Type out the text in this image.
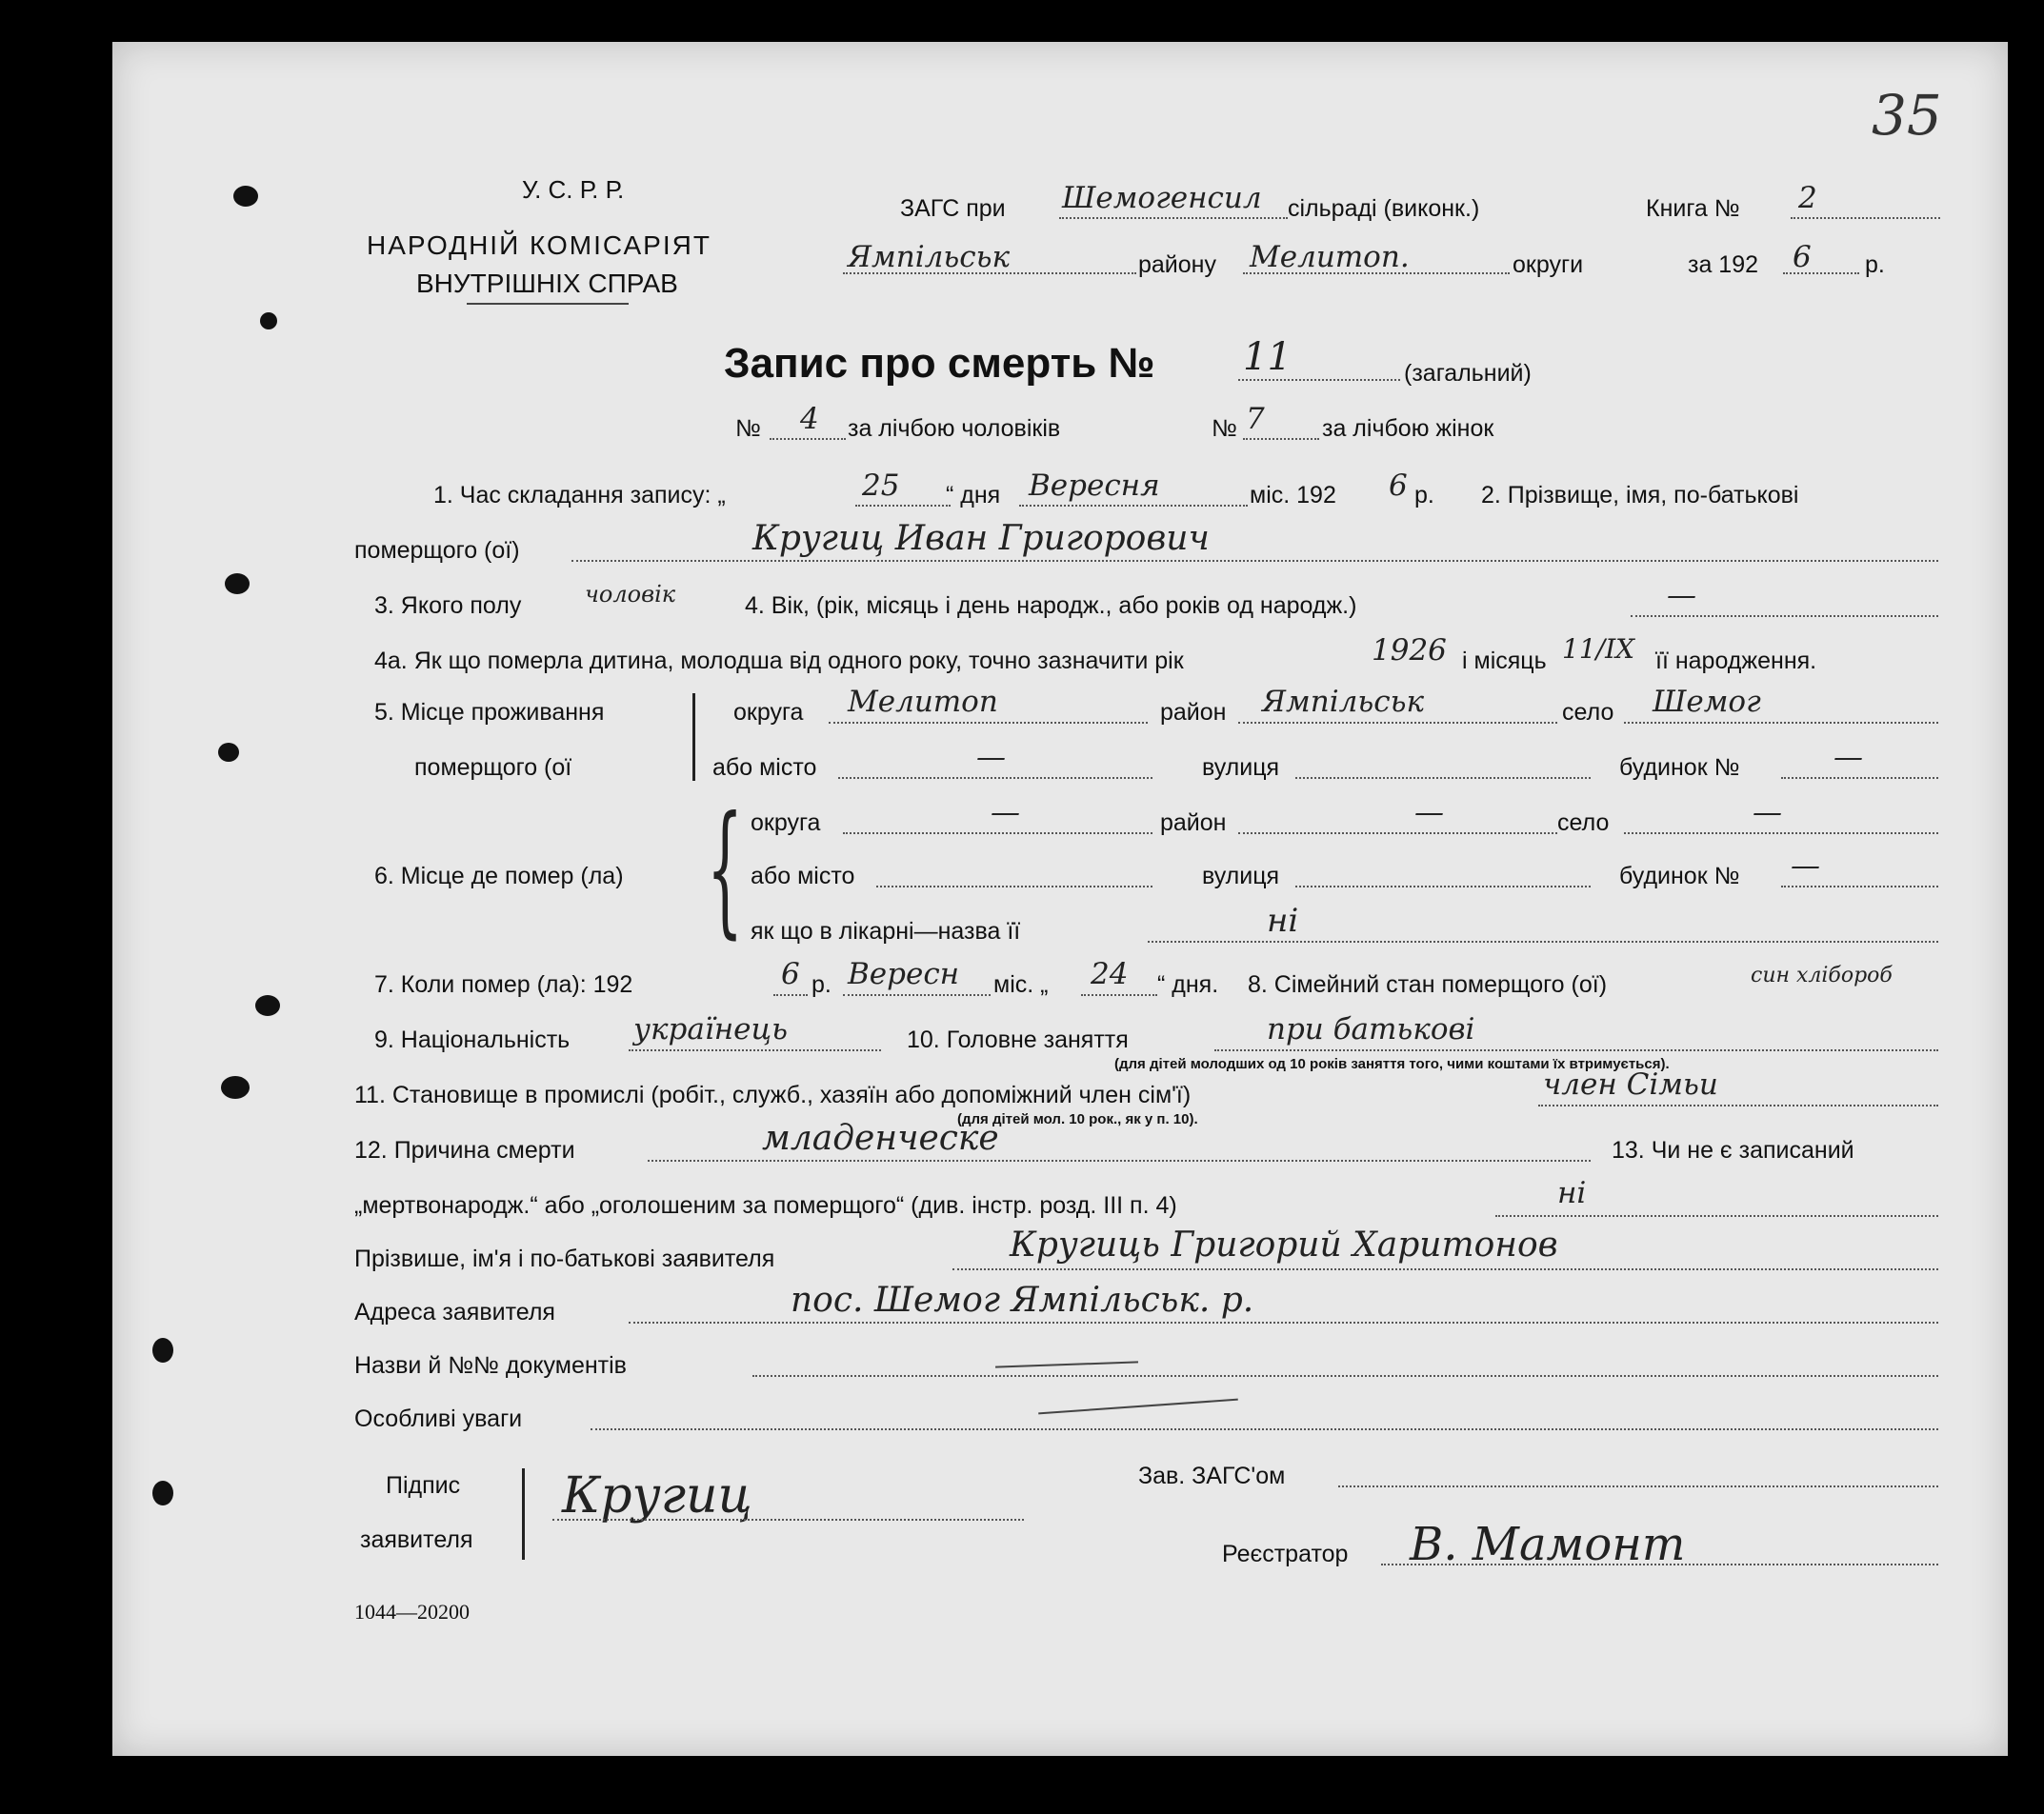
35
У. С. Р. Р.
НАРОДНІЙ КОМІСАРІЯТ
ВНУТРІШНІХ СПРАВ
ЗАГС при Шемогенсил сільраді (виконк.)	Книга № 2
Ямпільськ	району Мелитоп.	округи	за 192 6 р.
Запис про смерть № 11	(загальний)
№ 4 за лічбою чоловіків	№ 7 за лічбою жінок
1. Час складання запису: „	25 “ дня Вересня	міс. 192 6 р. 2. Прізвище, імя, по-батькові
померщого (ої)	Кругиц Иван Григорович
3. Якого полу	чоловік	4. Вік, (рік, місяць і день народж., або років од народж.)	—
4а. Як що померла дитина, молодша від одного року, точно зазначити рік	1926 і місяць 11/IX її народження.
5. Місце проживання
померщого (ої
округа Мелитоп	район Ямпільськ	село Шемог
або місто	—	вулиця	будинок №	—
{
6. Місце де помер (ла)
округа	—	район	—	село	—
або місто	вулиця	будинок № —
як що в лікарні—назва її	ні
7. Коли помер (ла): 192	6 р. Вересн міс. „ 24 “ дня. 8. Сімейний стан померщого (ої)	син хлібороб
9. Національність українець	10. Головне заняття	при батькові
(для дітей молодших од 10 років заняття того, чими коштами їх втримується).
11. Становище в промислі (робіт., служб., хазяїн або допоміжний член сім'ї)	член Сімьи
(для дітей мол. 10 рок., як у п. 10).
12. Причина смерти	младенческе	13. Чи не є записаний
„мертвонародж.“ або „оголошеним за померщого“ (див. інстр. розд. III п. 4)	ні
Прізвише, ім'я і по-батькові заявителя	Кругиць Григорий Харитонов
Адреса заявителя	пос. Шемог Ямпільськ. р.
Назви й №№ документів
Особливі уваги
Підпис
заявителя
Кругиц	Зав. ЗАГС'ом
Реєстратор В. Мамонт
1044—20200
